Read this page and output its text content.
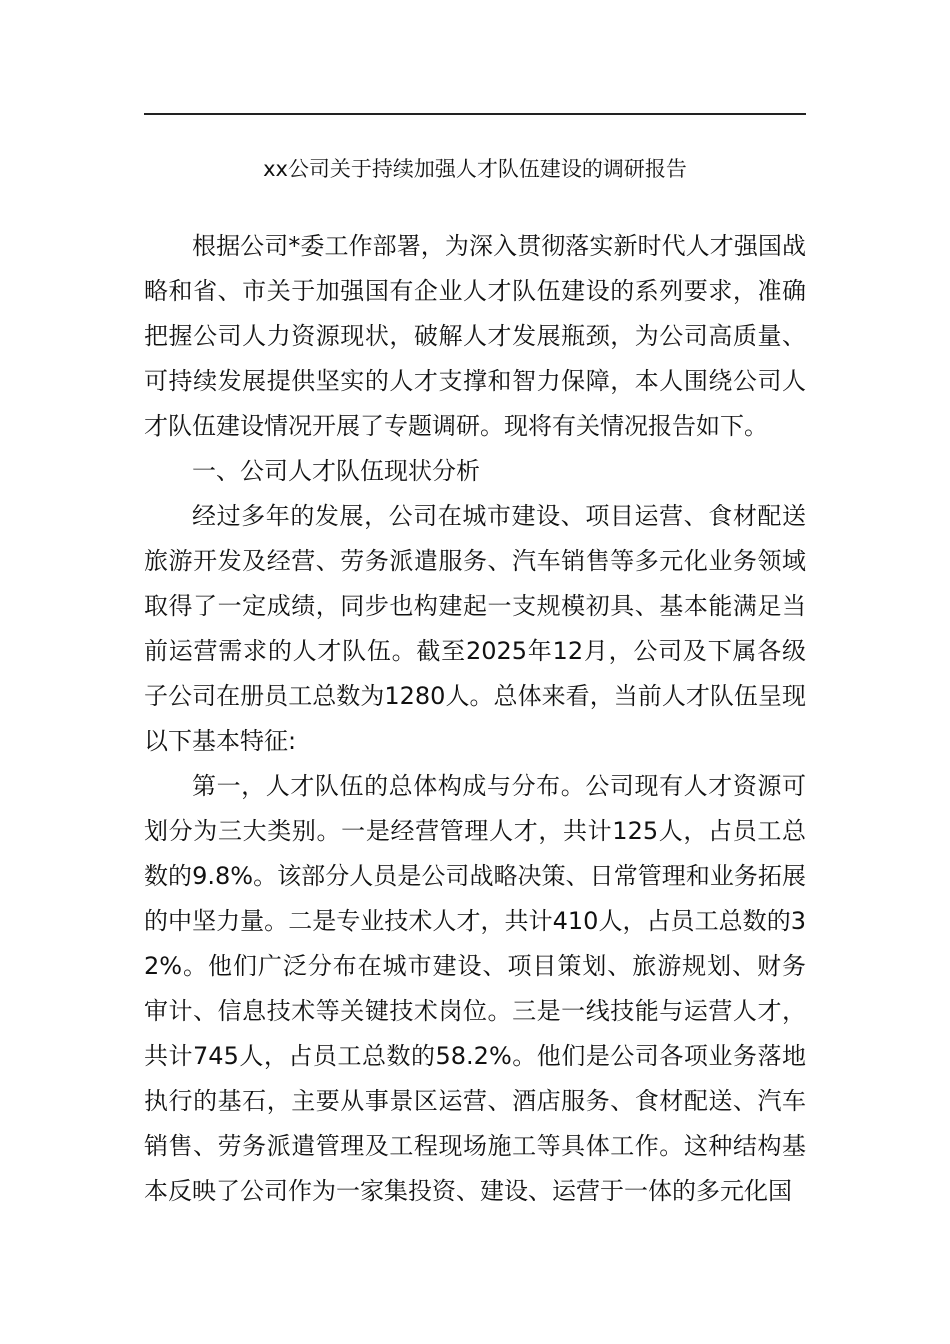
xx公司关于持续加强人才队伍建设的调研报告

根据公司*委工作部署，为深入贯彻落实新时代人才强国战略和省、市关于加强国有企业人才队伍建设的系列要求，准确把握公司人力资源现状，破解人才发展瓶颈，为公司高质量、可持续发展提供坚实的人才支撑和智力保障，本人围绕公司人才队伍建设情况开展了专题调研。现将有关情况报告如下。

一、公司人才队伍现状分析

经过多年的发展，公司在城市建设、项目运营、食材配送旅游开发及经营、劳务派遣服务、汽车销售等多元化业务领域取得了一定成绩，同步也构建起一支规模初具、基本能满足当前运营需求的人才队伍。截至2025年12月，公司及下属各级子公司在册员工总数为1280人。总体来看，当前人才队伍呈现以下基本特征:

第一，人才队伍的总体构成与分布。公司现有人才资源可划分为三大类别。一是经营管理人才，共计125人，占员工总数的9.8%。该部分人员是公司战略决策、日常管理和业务拓展的中坚力量。二是专业技术人才，共计410人，占员工总数的32%。他们广泛分布在城市建设、项目策划、旅游规划、财务审计、信息技术等关键技术岗位。三是一线技能与运营人才，共计745人，占员工总数的58.2%。他们是公司各项业务落地执行的基石，主要从事景区运营、酒店服务、食材配送、汽车销售、劳务派遣管理及工程现场施工等具体工作。这种结构基本反映了公司作为一家集投资、建设、运营于一体的多元化国
